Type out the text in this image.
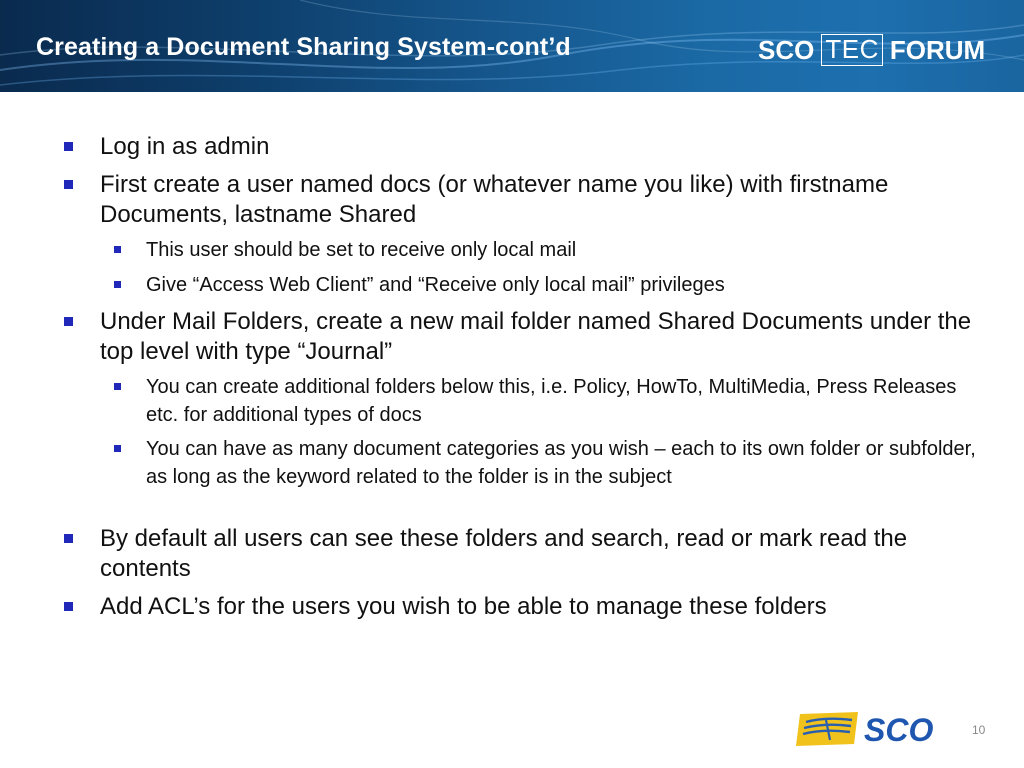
Creating a Document Sharing System-cont’d	SCO TEC FORUM
Log in as admin
First create a user named docs (or whatever name you like) with firstname Documents, lastname Shared
This user should be set to receive only local mail
Give “Access Web Client” and “Receive only local mail” privileges
Under Mail Folders, create a new mail folder named Shared Documents under the top level with type “Journal”
You can create additional folders below this, i.e. Policy, HowTo, MultiMedia, Press Releases etc. for additional types of docs
You can have as many document categories as you wish – each to its own folder or subfolder, as long as the keyword related to the folder is in the subject
By default all users can see these folders and search, read or mark read the contents
Add ACL’s for the users you wish to be able to manage these folders
SCO	10
